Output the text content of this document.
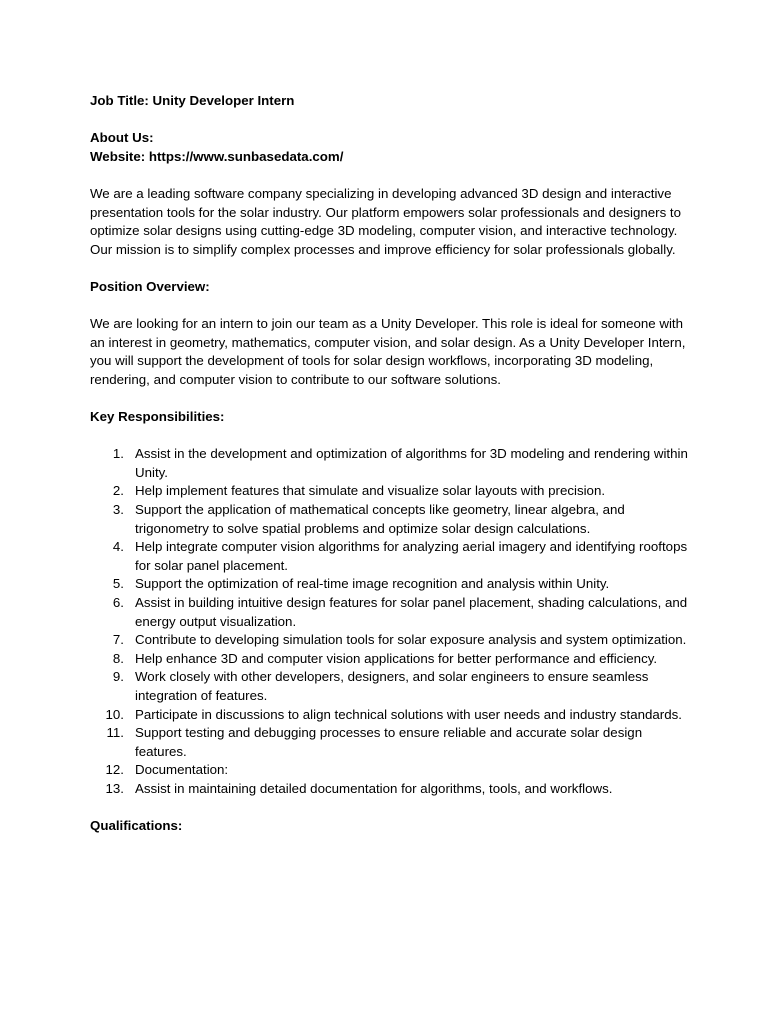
Job Title: Unity Developer Intern

About Us:

Website: https://www.sunbasedata.com/

We are a leading software company specializing in developing advanced 3D design and interactive presentation tools for the solar industry. Our platform empowers solar professionals and designers to optimize solar designs using cutting-edge 3D modeling, computer vision, and interactive technology. Our mission is to simplify complex processes and improve efficiency for solar professionals globally.

Position Overview:

We are looking for an intern to join our team as a Unity Developer. This role is ideal for someone with an interest in geometry, mathematics, computer vision, and solar design. As a Unity Developer Intern, you will support the development of tools for solar design workflows, incorporating 3D modeling, rendering, and computer vision to contribute to our software solutions.

Key Responsibilities:

1. Assist in the development and optimization of algorithms for 3D modeling and rendering within Unity.
2. Help implement features that simulate and visualize solar layouts with precision.
3. Support the application of mathematical concepts like geometry, linear algebra, and trigonometry to solve spatial problems and optimize solar design calculations.
4. Help integrate computer vision algorithms for analyzing aerial imagery and identifying rooftops for solar panel placement.
5. Support the optimization of real-time image recognition and analysis within Unity.
6. Assist in building intuitive design features for solar panel placement, shading calculations, and energy output visualization.
7. Contribute to developing simulation tools for solar exposure analysis and system optimization.
8. Help enhance 3D and computer vision applications for better performance and efficiency.
9. Work closely with other developers, designers, and solar engineers to ensure seamless integration of features.
10. Participate in discussions to align technical solutions with user needs and industry standards.
11. Support testing and debugging processes to ensure reliable and accurate solar design features.
12. Documentation:
13. Assist in maintaining detailed documentation for algorithms, tools, and workflows.

Qualifications:
